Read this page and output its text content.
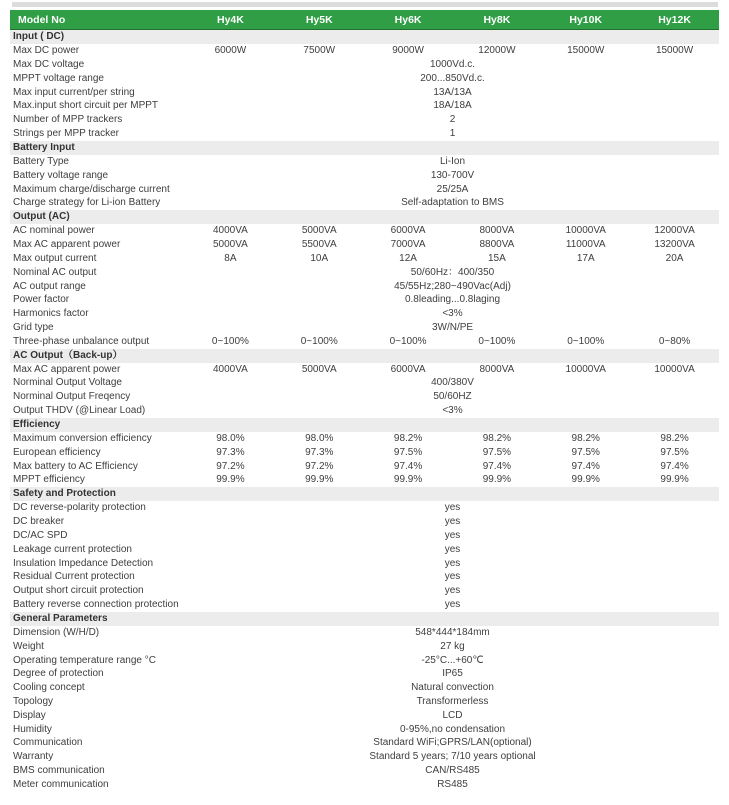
Model No	Hy4K	Hy5K	Hy6K	Hy8K	Hy10K	Hy12K
Input ( DC)						
Max DC power	6000W	7500W	9000W	12000W	15000W	15000W
Max DC voltage	1000Vd.c.					
MPPT voltage range	200...850Vd.c.					
Max input current/per string	13A/13A					
Max.input short circuit per MPPT	18A/18A					
Number of MPP trackers	2					
Strings per MPP tracker	1					
Battery Input						
Battery Type	Li-Ion					
Battery voltage range	130-700V					
Maximum charge/discharge current	25/25A					
Charge strategy for Li-ion Battery	Self-adaptation to BMS					
Output (AC)						
AC nominal power	4000VA	5000VA	6000VA	8000VA	10000VA	12000VA
Max AC apparent power	5000VA	5500VA	7000VA	8800VA	11000VA	13200VA
Max output current	8A	10A	12A	15A	17A	20A
Nominal AC output	50/60Hz：400/350					
AC output range	45/55Hz;280~490Vac(Adj)					
Power factor	0.8leading...0.8laging					
Harmonics factor	<3%					
Grid type	3W/N/PE					
Three-phase unbalance output	0~100%	0~100%	0~100%	0~100%	0~100%	0~80%
AC Output（Back-up）						
Max AC apparent power	4000VA	5000VA	6000VA	8000VA	10000VA	10000VA
Norminal Output Voltage	400/380V					
Norminal Output Freqency	50/60HZ					
Output THDV (@Linear Load)	<3%					
Efficiency						
Maximum conversion efficiency	98.0%	98.0%	98.2%	98.2%	98.2%	98.2%
European efficiency	97.3%	97.3%	97.5%	97.5%	97.5%	97.5%
Max battery to AC Efficiency	97.2%	97.2%	97.4%	97.4%	97.4%	97.4%
MPPT efficiency	99.9%	99.9%	99.9%	99.9%	99.9%	99.9%
Safety and Protection						
DC reverse-polarity protection	yes					
DC breaker	yes					
DC/AC SPD	yes					
Leakage current protection	yes					
Insulation Impedance Detection	yes					
Residual Current protection	yes					
Output short circuit protection	yes					
Battery reverse connection protection	yes					
General Parameters						
Dimension (W/H/D)	548*444*184mm					
Weight	27 kg					
Operating temperature range °C	-25°C...+60℃					
Degree of protection	IP65					
Cooling concept	Natural convection					
Topology	Transformerless					
Display	LCD					
Humidity	0-95%,no condensation					
Communication	Standard WiFi;GPRS/LAN(optional)					
Warranty	Standard 5 years; 7/10 years optional					
BMS communication	CAN/RS485					
Meter communication	RS485					
